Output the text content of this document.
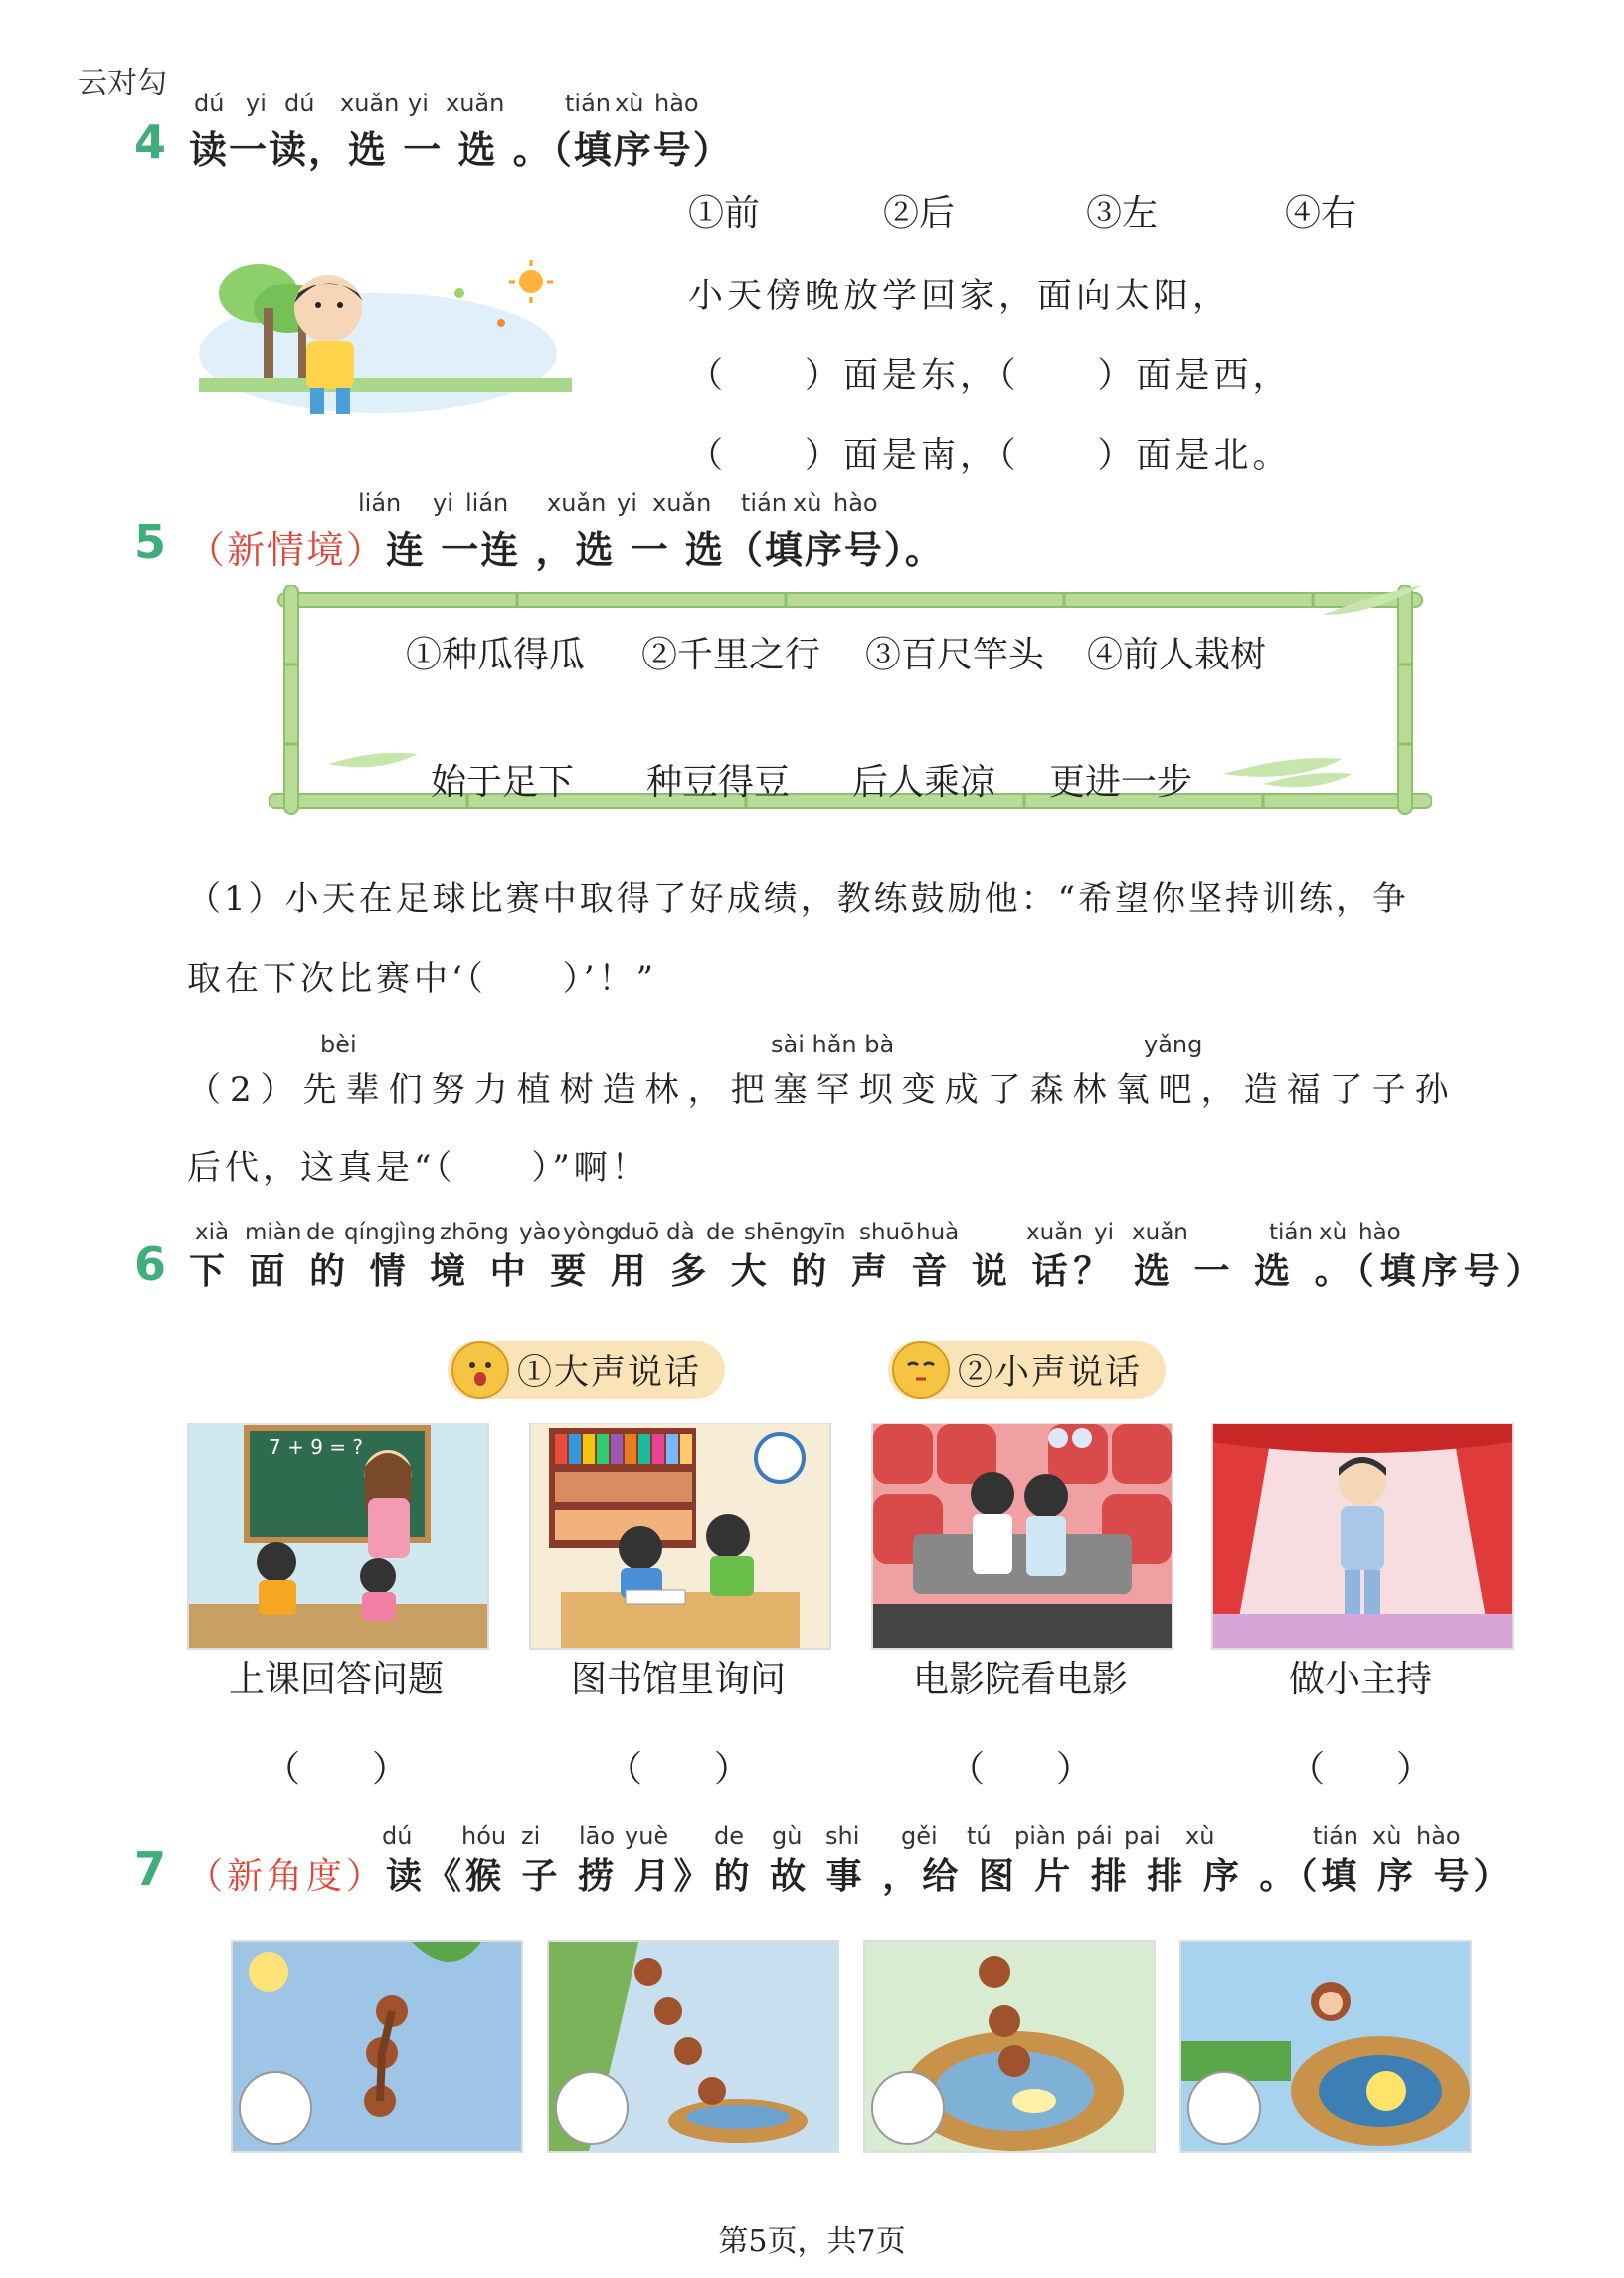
云对勾
dú yi dú xuǎn yi xuǎn	tián xù hào
4 读一读，选 一 选 。（填序号）
①前	②后	③左	④右
小天傍晚放学回家，面向太阳，
（　　）面是东，（　　）面是西，
（　　）面是南，（　　）面是北。
lián yi lián xuǎn yi xuǎn tián xù hào
5 （新情境）连 一连 ，选 一 选（填序号）。
①种瓜得瓜 ②千里之行 ③百尺竿头 ④前人栽树
始于足下 种豆得豆 后人乘凉 更进一步
（1）小天在足球比赛中取得了好成绩，教练鼓励他：“希望你坚持训练，争
取在下次比赛中‘（　　）’！”
bèi	sài hǎn bà	yǎng
（2）先辈们努力植树造林，把塞罕坝变成了森林氧吧，造福了子孙
后代，这真是“（　　）”啊！
xià miàn de qíng jìng zhōng yào yòng
duō dà de shēng
yīn shuō huà	xuǎn yi xuǎn	tián xù hào
6 下 面 的 情 境 中 要 用 多 大 的 声 音 说 话？ 选 一 选 。（填序号）
①大声说话	②小声说话
7 + 9 = ?
上课回答问题	图书馆里询问	电影院看电影	做小主持
（　　）	（　　）	（　　）	（　　）
dú hóu zi lāo yuè de gù shi gěi tú piàn pái pai xù	tián xù hào
7 （新角度）读《猴 子 捞 月》的 故 事 ，给 图 片 排 排 序 。（填 序 号）
第5页，共7页
